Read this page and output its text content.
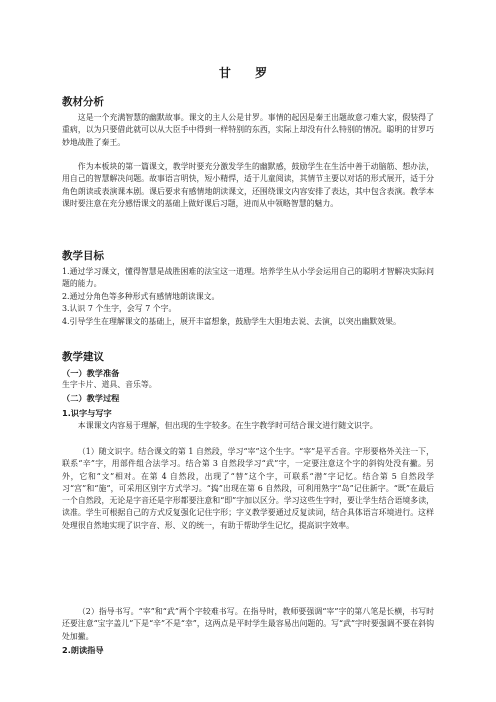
甘 罗
教材分析

这是一个充满智慧的幽默故事。课文的主人公是甘罗。事情的起因是秦王出题故意刁难大家，假装得了重病，以为只要借此就可以从大臣手中得到一样特别的东西，实际上却没有什么特别的情况。聪明的甘罗巧妙地战胜了秦王。

作为本板块的第一篇课文，教学时要充分激发学生的幽默感，鼓励学生在生活中善于动脑筋、想办法，用自己的智慧解决问题。故事语言明快，短小精悍，适于儿童阅读，其情节主要以对话的形式展开，适于分角色朗读或表演课本剧。课后要求有感情地朗读课文，还围绕课文内容安排了表达，其中包含表演。教学本课时要注意在充分感悟课文的基础上做好课后习题，进而从中领略智慧的魅力。

教学目标

1.通过学习课文，懂得智慧是战胜困难的法宝这一道理。培养学生从小学会运用自己的聪明才智解决实际问题的能力。

2.通过分角色等多种形式有感情地朗读课文。

3.认识 7 个生字，会写 7 个字。

4.引导学生在理解课文的基础上，展开丰富想象，鼓励学生大胆地去说、去演，以突出幽默效果。

教学建议
（一）教学准备

生字卡片、道具、音乐等。

（二）教学过程
1.识字与写字

本课课文内容易于理解，但出现的生字较多。在生字教学时可结合课文进行随文识字。

（1）随文识字。结合课文的第 1 自然段，学习“宰”这个生字。“宰”是平舌音。字形要格外关注一下，联系“辛”字，用部件组合法学习。结合第 3 自然段学习“武”字，一定要注意这个字的斜钩处没有撇。另外，它和“文”相对。在第 4 自然段，出现了“替”这个字，可联系“潜”字记忆。结合第 5 自然段学习“宫”和“施”，可采用区别字方式学习。“捣”出现在第 6 自然段，可利用熟字“岛”记住新字。“既”在最后一个自然段，无论是字音还是字形都要注意和“即”字加以区分。学习这些生字时，要让学生结合语境多读，读准。学生可根据自己的方式反复强化记住字形；字义教学要通过反复读词，结合具体语言环境进行。这样处理很自然地实现了识字音、形、义的统一，有助于帮助学生记忆，提高识字效率。

（2）指导书写。“宰”和“武”两个字较难书写。在指导时，教师要强调“宰”字的第八笔是长横，书写时还要注意“宝字盖儿”下是“辛”不是“幸”，这两点是平时学生最容易出问题的。写“武”字时要强调不要在斜钩处加撇。

2.朗读指导
